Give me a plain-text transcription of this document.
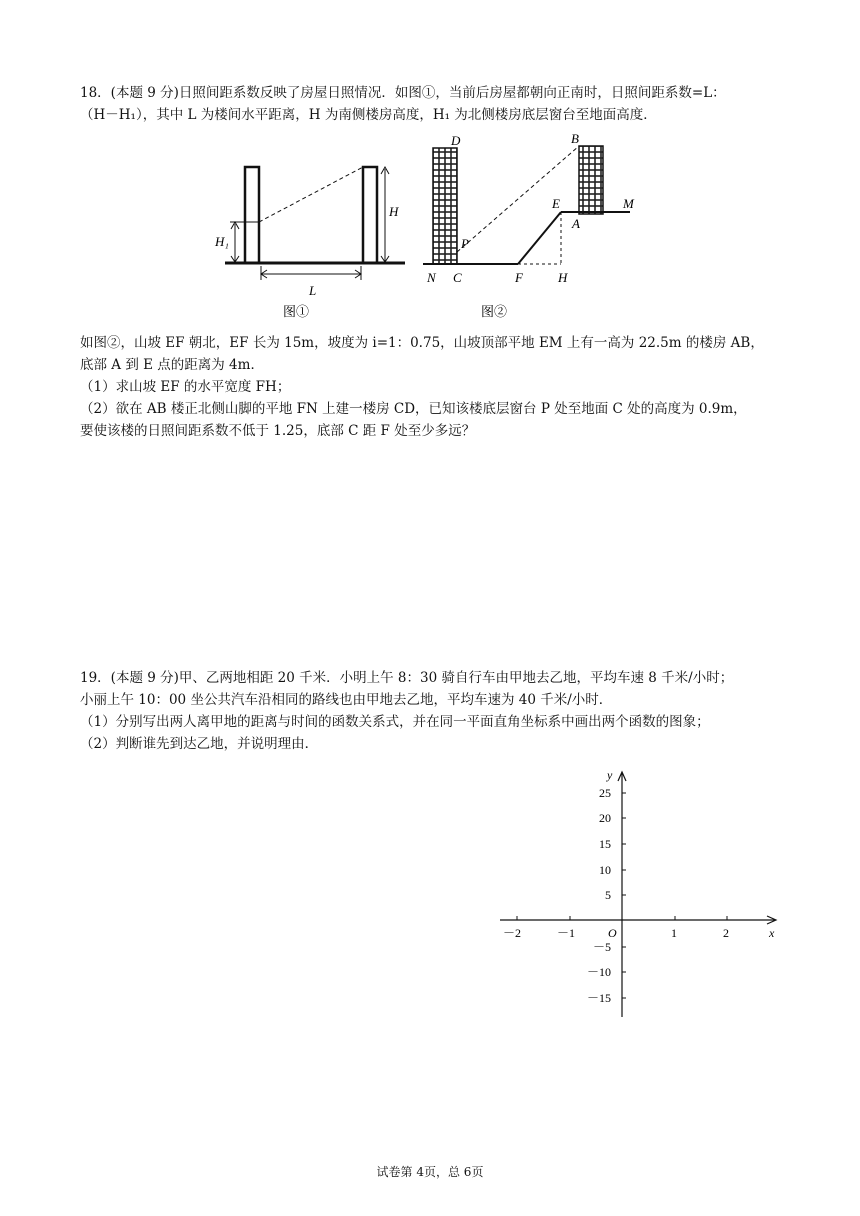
18．(本题 9 分)日照间距系数反映了房屋日照情况．如图①，当前后房屋都朝向正南时，日照间距系数=L：
（H－H₁），其中 L 为楼间水平距离，H 为南侧楼房高度，H₁ 为北侧楼房底层窗台至地面高度．
H₁
H
L
图①
D	B
E	M
A
P
N C	F	H
图②
如图②，山坡 EF 朝北，EF 长为 15m，坡度为 i=1：0.75，山坡顶部平地 EM 上有一高为 22.5m 的楼房 AB，
底部 A 到 E 点的距离为 4m．
（1）求山坡 EF 的水平宽度 FH；
（2）欲在 AB 楼正北侧山脚的平地 FN 上建一楼房 CD，已知该楼底层窗台 P 处至地面 C 处的高度为 0.9m，
要使该楼的日照间距系数不低于 1.25，底部 C 距 F 处至少多远？
19．(本题 9 分)甲、乙两地相距 20 千米．小明上午 8：30 骑自行车由甲地去乙地，平均车速 8 千米/小时；
小丽上午 10：00 坐公共汽车沿相同的路线也由甲地去乙地，平均车速为 40 千米/小时．
（1）分别写出两人离甲地的距离与时间的函数关系式，并在同一平面直角坐标系中画出两个函数的图象；
（2）判断谁先到达乙地，并说明理由．
－2	－1	1	2
25
20
15
10
5
－5
－10
－15
x
y
O
试卷第 4页，总 6页
